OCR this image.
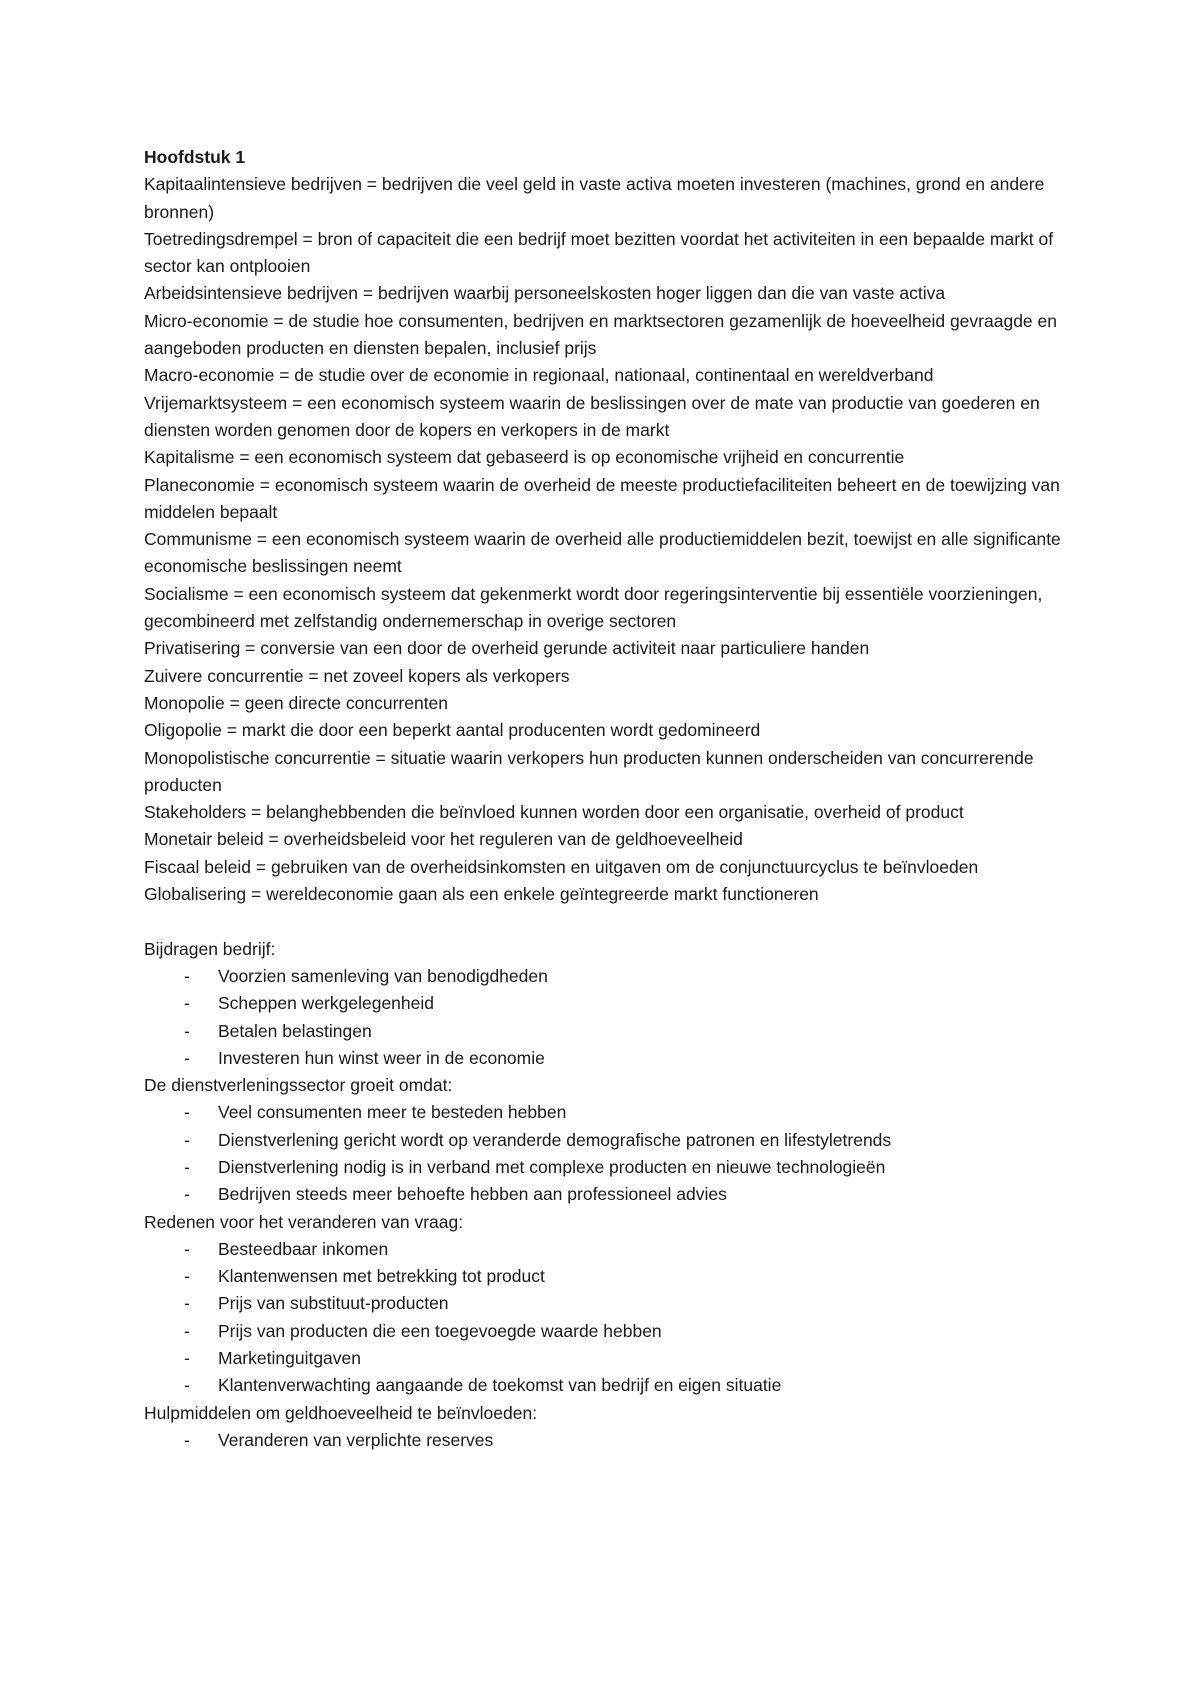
Hoofdstuk 1

Kapitaalintensieve bedrijven = bedrijven die veel geld in vaste activa moeten investeren (machines, grond en andere bronnen)

Toetredingsdrempel = bron of capaciteit die een bedrijf moet bezitten voordat het activiteiten in een bepaalde markt of sector kan ontplooien

Arbeidsintensieve bedrijven = bedrijven waarbij personeelskosten hoger liggen dan die van vaste activa

Micro-economie = de studie hoe consumenten, bedrijven en marktsectoren gezamenlijk de hoeveelheid gevraagde en aangeboden producten en diensten bepalen, inclusief prijs

Macro-economie = de studie over de economie in regionaal, nationaal, continentaal en wereldverband

Vrijemarktsysteem = een economisch systeem waarin de beslissingen over de mate van productie van goederen en diensten worden genomen door de kopers en verkopers in de markt

Kapitalisme = een economisch systeem dat gebaseerd is op economische vrijheid en concurrentie

Planeconomie = economisch systeem waarin de overheid de meeste productiefaciliteiten beheert en de toewijzing van middelen bepaalt

Communisme = een economisch systeem waarin de overheid alle productiemiddelen bezit, toewijst en alle significante economische beslissingen neemt

Socialisme = een economisch systeem dat gekenmerkt wordt door regeringsinterventie bij essentiële voorzieningen, gecombineerd met zelfstandig ondernemerschap in overige sectoren

Privatisering = conversie van een door de overheid gerunde activiteit naar particuliere handen

Zuivere concurrentie = net zoveel kopers als verkopers

Monopolie = geen directe concurrenten

Oligopolie = markt die door een beperkt aantal producenten wordt gedomineerd

Monopolistische concurrentie = situatie waarin verkopers hun producten kunnen onderscheiden van concurrerende producten

Stakeholders = belanghebbenden die beïnvloed kunnen worden door een organisatie, overheid of product

Monetair beleid = overheidsbeleid voor het reguleren van de geldhoeveelheid

Fiscaal beleid = gebruiken van de overheidsinkomsten en uitgaven om de conjunctuurcyclus te beïnvloeden

Globalisering = wereldeconomie gaan als een enkele geïntegreerde markt functioneren

Bijdragen bedrijf:

- Voorzien samenleving van benodigdheden
- Scheppen werkgelegenheid
- Betalen belastingen
- Investeren hun winst weer in de economie

De dienstverleningssector groeit omdat:

- Veel consumenten meer te besteden hebben
- Dienstverlening gericht wordt op veranderde demografische patronen en lifestyletrends
- Dienstverlening nodig is in verband met complexe producten en nieuwe technologieën
- Bedrijven steeds meer behoefte hebben aan professioneel advies

Redenen voor het veranderen van vraag:

- Besteedbaar inkomen
- Klantenwensen met betrekking tot product
- Prijs van substituut-producten
- Prijs van producten die een toegevoegde waarde hebben
- Marketinguitgaven
- Klantenverwachting aangaande de toekomst van bedrijf en eigen situatie

Hulpmiddelen om geldhoeveelheid te beïnvloeden:

- Veranderen van verplichte reserves
